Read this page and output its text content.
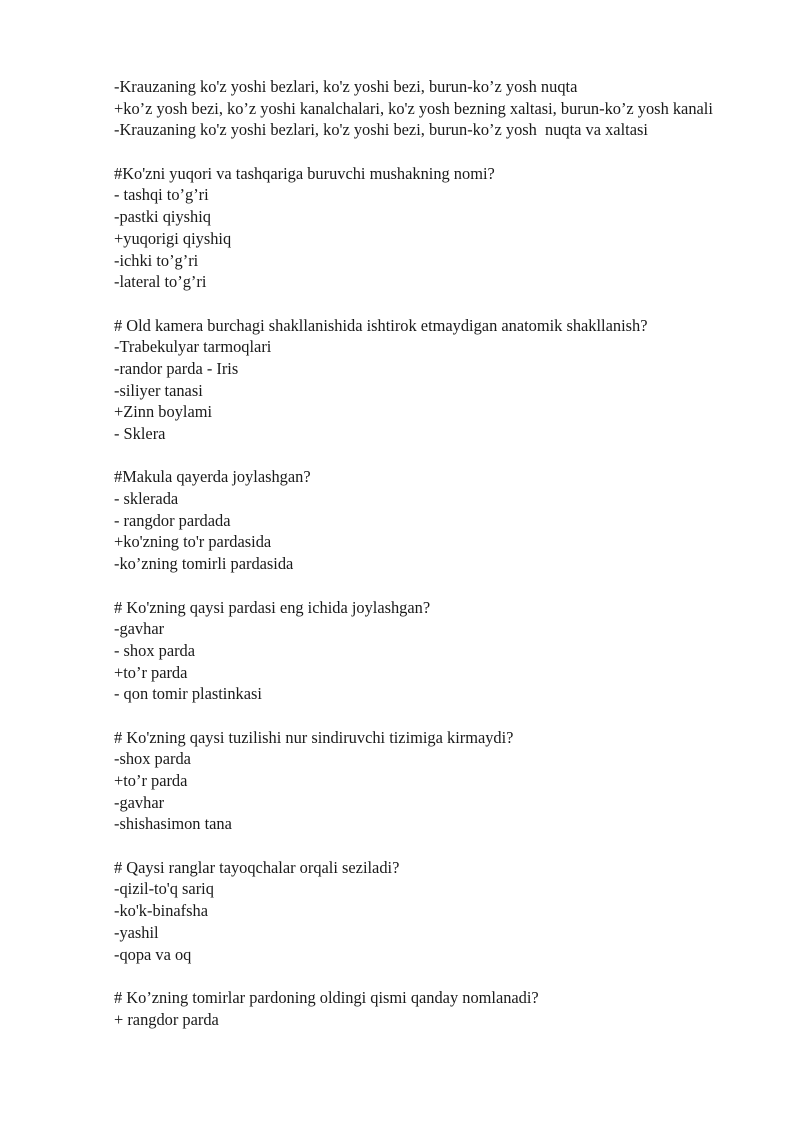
-Krauzaning ko'z yoshi bezlari, ko'z yoshi bezi, burun-ko’z yosh nuqta
+ko’z yosh bezi, ko’z yoshi kanalchalari, ko'z yosh bezning xaltasi, burun-ko’z yosh kanali
-Krauzaning ko'z yoshi bezlari, ko'z yoshi bezi, burun-ko’z yosh  nuqta va xaltasi
#Ko'zni yuqori va tashqariga buruvchi mushakning nomi?
- tashqi to’g’ri
-pastki qiyshiq
+yuqorigi qiyshiq
-ichki to’g’ri
-lateral to’g’ri
# Old kamera burchagi shakllanishida ishtirok etmaydigan anatomik shakllanish?
-Trabekulyar tarmoqlari
-randor parda - Iris
-siliyer tanasi
+Zinn boylami
- Sklera
#Makula qayerda joylashgan?
- sklerada
- rangdor pardada
+ko'zning to'r pardasida
-ko’zning tomirli pardasida
# Ko'zning qaysi pardasi eng ichida joylashgan?
-gavhar
- shox parda
+to’r parda
- qon tomir plastinkasi
# Ko'zning qaysi tuzilishi nur sindiruvchi tizimiga kirmaydi?
-shox parda
+to’r parda
-gavhar
-shishasimon tana
# Qaysi ranglar tayoqchalar orqali seziladi?
-qizil-to'q sariq
-ko'k-binafsha
-yashil
-qopa va oq
# Ko’zning tomirlar pardoning oldingi qismi qanday nomlanadi?
+ rangdor parda
